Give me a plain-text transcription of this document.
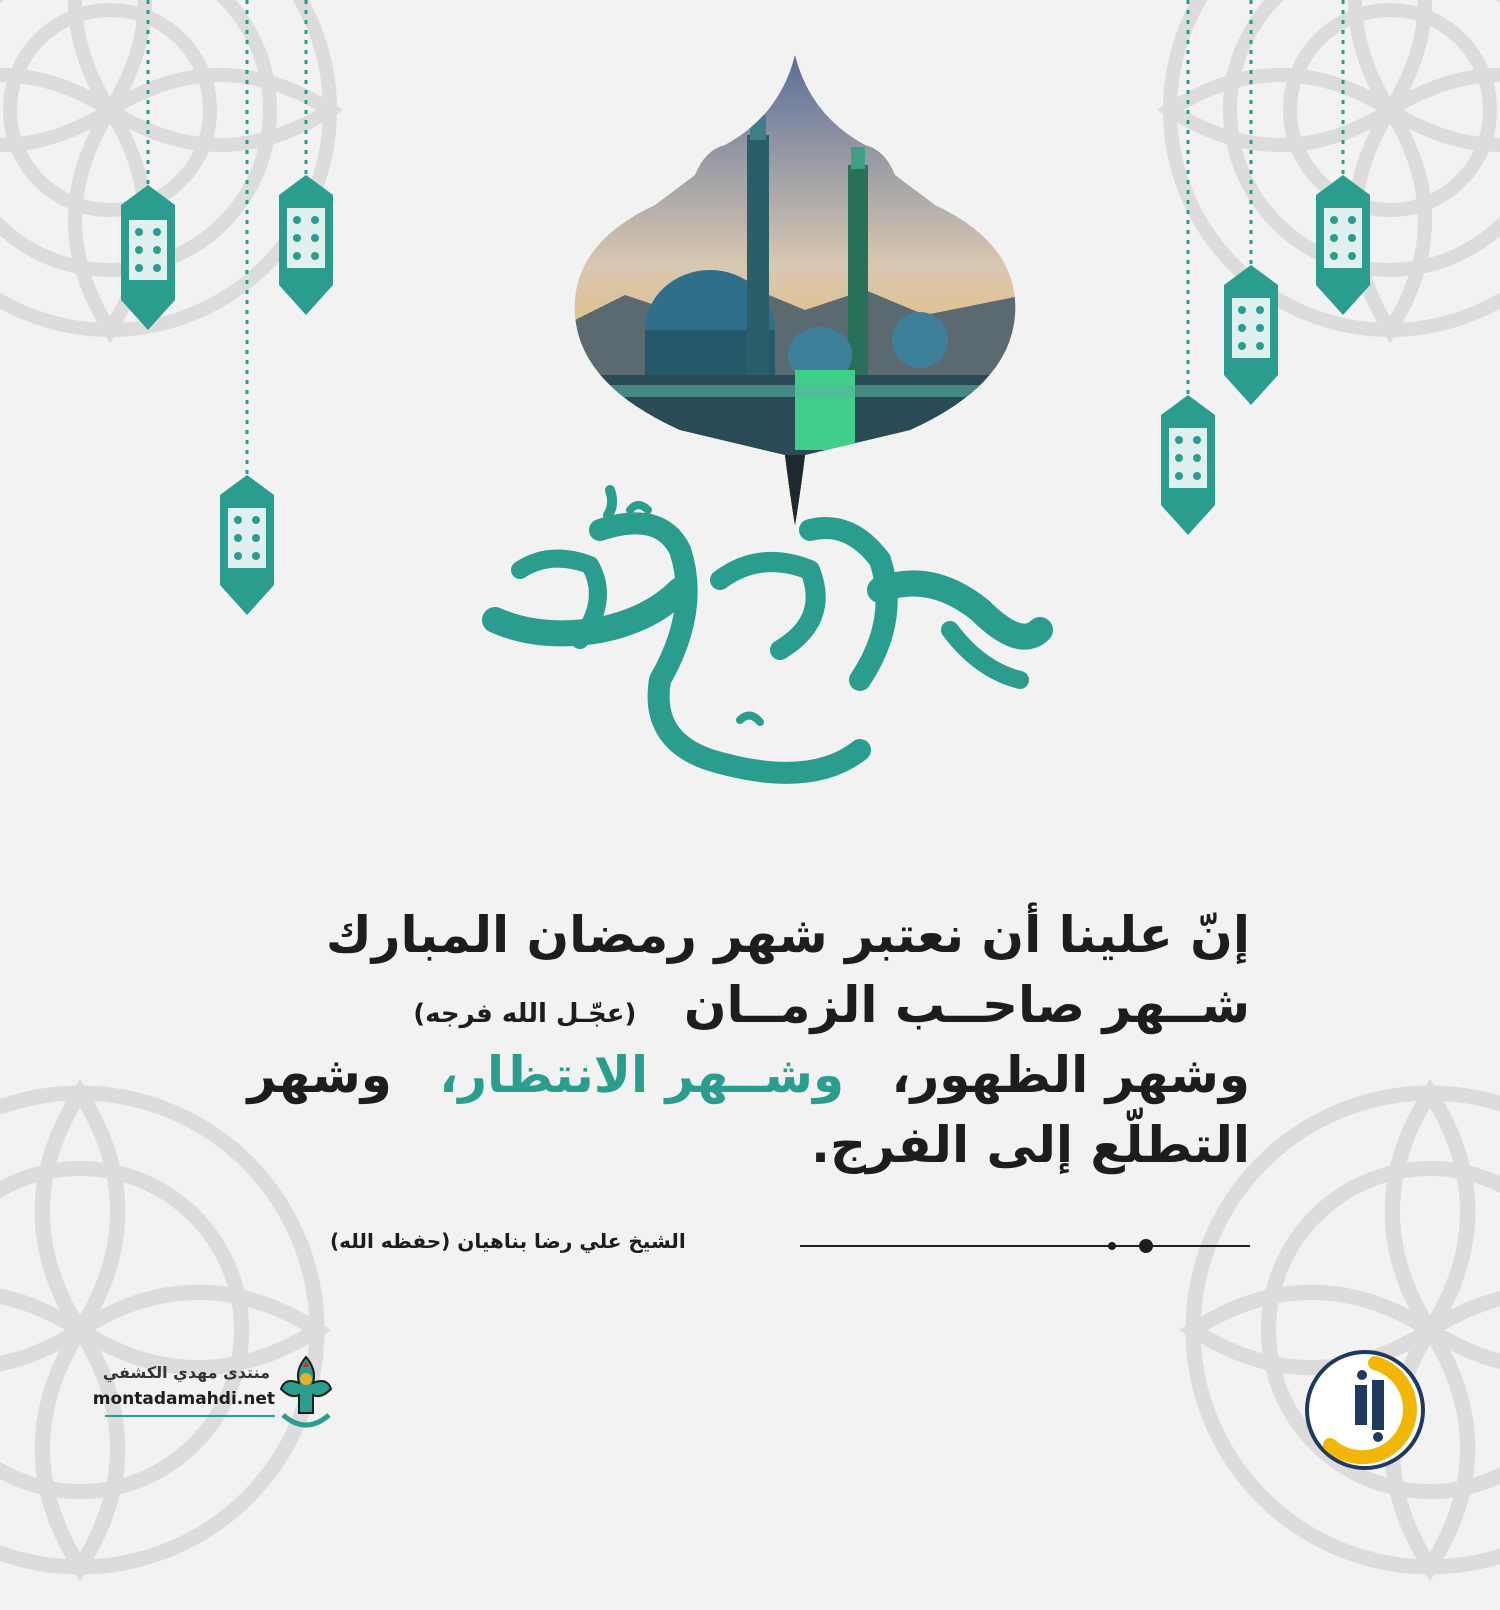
إنّ علينا أن نعتبر شهر رمضان المبارك
شــهر صاحــب الزمــان (عجّـل الله فرجه)
وشهر الظهور، وشــهر الانتظار، وشهر
التطلّع إلى الفرج.
الشيخ علي رضا بناهيان (حفظه الله)
منتدى مهدي الكشفي
montadamahdi.net
